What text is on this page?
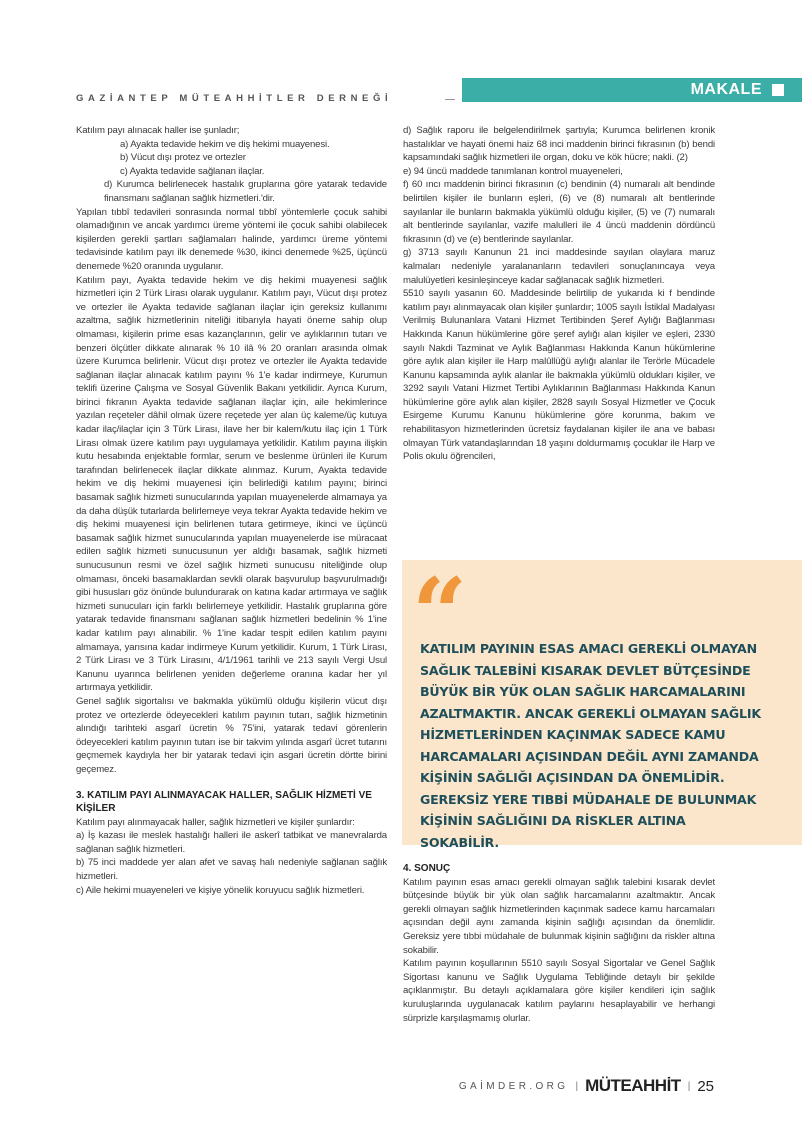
GAZİANTEP MÜTEAHHİTLER DERNEĞİ
MAKALE

Katılım payı alınacak haller ise şunladır;

a) Ayakta tedavide hekim ve diş hekimi muayenesi.

b) Vücut dışı protez ve ortezler

c) Ayakta tedavide sağlanan ilaçlar.

d) Kurumca belirlenecek hastalık gruplarına göre yatarak tedavide finansmanı sağlanan sağlık hizmetleri.'dir.

Yapılan tıbbî tedavileri sonrasında normal tıbbî yöntemlerle çocuk sahibi olamadığının ve ancak yardımcı üreme yöntemi ile çocuk sahibi olabilecek kişilerden gerekli şartları sağlamaları halinde, yardımcı üreme yöntemi tedavisinde katılım payı ilk denemede %30, ikinci denemede %25, üçüncü denemede %20 oranında uygulanır.

Katılım payı, Ayakta tedavide hekim ve diş hekimi muayenesi sağlık hizmetleri için 2 Türk Lirası olarak uygulanır. Katılım payı, Vücut dışı protez ve ortezler ile Ayakta tedavide sağlanan ilaçlar için gereksiz kullanımı azaltma, sağlık hizmetlerinin niteliği itibarıyla hayati öneme sahip olup olmaması, kişilerin prime esas kazançlarının, gelir ve aylıklarının tutarı ve benzeri ölçütler dikkate alınarak % 10 ilâ % 20 oranları arasında olmak üzere Kurumca belirlenir. Vücut dışı protez ve ortezler ile Ayakta tedavide sağlanan ilaçlar alınacak katılım payını % 1'e kadar indirmeye, Kurumun teklifi üzerine Çalışma ve Sosyal Güvenlik Bakanı yetkilidir. Ayrıca Kurum, birinci fıkranın Ayakta tedavide sağlanan ilaçlar için, aile hekimlerince yazılan reçeteler dâhil olmak üzere reçetede yer alan üç kaleme/üç kutuya kadar ilaç/ilaçlar için 3 Türk Lirası, ilave her bir kalem/kutu ilaç için 1 Türk Lirası olmak üzere katılım payı uygulamaya yetkilidir. Katılım payına ilişkin kutu hesabında enjektable formlar, serum ve beslenme ürünleri ile Kurum tarafından belirlenecek ilaçlar dikkate alınmaz. Kurum, Ayakta tedavide hekim ve diş hekimi muayenesi için belirlediği katılım payını; birinci basamak sağlık hizmeti sunucularında yapılan muayenelerde almamaya ya da daha düşük tutarlarda belirlemeye veya tekrar Ayakta tedavide hekim ve diş hekimi muayenesi için belirlenen tutara getirmeye, ikinci ve üçüncü basamak sağlık hizmet sunucularında yapılan muayenelerde ise müracaat edilen sağlık hizmeti sunucusunun yer aldığı basamak, sağlık hizmeti sunucusunun resmi ve özel sağlık hizmeti sunucusu niteliğinde olup olmaması, önceki basamaklardan sevkli olarak başvurulup başvurulmadığı gibi hususları göz önünde bulundurarak on katına kadar artırmaya ve sağlık hizmeti sunucuları için farklı belirlemeye yetkilidir. Hastalık gruplarına göre yatarak tedavide finansmanı sağlanan sağlık hizmetleri bedelinin % 1'ine kadar katılım payı alınabilir. % 1'ine kadar tespit edilen katılım payını almamaya, yarısına kadar indirmeye Kurum yetkilidir. Kurum, 1 Türk Lirası, 2 Türk Lirası ve 3 Türk Lirasını, 4/1/1961 tarihli ve 213 sayılı Vergi Usul Kanunu uyarınca belirlenen yeniden değerleme oranına kadar her yıl artırmaya yetkilidir.

Genel sağlık sigortalısı ve bakmakla yükümlü olduğu kişilerin vücut dışı protez ve ortezlerde ödeyecekleri katılım payının tutarı, sağlık hizmetinin alındığı tarihteki asgarî ücretin % 75'ini, yatarak tedavi görenlerin ödeyecekleri katılım payının tutarı ise bir takvim yılında asgarî ücret tutarını geçmemek kaydıyla her bir yatarak tedavi için asgari ücretin dörtte birini geçemez.

3. KATILIM PAYI ALINMAYACAK HALLER, SAĞLIK HİZMETİ VE KİŞİLER

Katılım payı alınmayacak haller, sağlık hizmetleri ve kişiler şunlardır:

a) İş kazası ile meslek hastalığı halleri ile askerî tatbikat ve manevralarda sağlanan sağlık hizmetleri.

b) 75 inci maddede yer alan afet ve savaş halı nedeniyle sağlanan sağlık hizmetleri.

c) Aile hekimi muayeneleri ve kişiye yönelik koruyucu sağlık hizmetleri.

d) Sağlık raporu ile belgelendirilmek şartıyla; Kurumca belirlenen kronik hastalıklar ve hayati önemi haiz 68 inci maddenin birinci fıkrasının (b) bendi kapsamındaki sağlık hizmetleri ile organ, doku ve kök hücre; nakli. (2)

e) 94 üncü maddede tanımlanan kontrol muayeneleri,

f) 60 ıncı maddenin birinci fıkrasının (c) bendinin (4) numaralı alt bendinde belirtilen kişiler ile bunların eşleri, (6) ve (8) numaralı alt bentlerinde sayılanlar ile bunların bakmakla yükümlü olduğu kişiler, (5) ve (7) numaralı alt bentlerinde sayılanlar, vazife malulleri ile 4 üncü maddenin dördüncü fıkrasının (d) ve (e) bentlerinde sayılanlar.

g) 3713 sayılı Kanunun 21 inci maddesinde sayılan olaylara maruz kalmaları nedeniyle yaralananların tedavileri sonuçlanıncaya veya malulüyetleri kesinleşinceye kadar sağlanacak sağlık hizmetleri.

5510 sayılı yasanın 60. Maddesinde belirtilip de yukarıda ki f bendinde katılım payı alınmayacak olan kişiler şunlardır; 1005 sayılı İstiklal Madalyası Verilmiş Bulunanlara Vatani Hizmet Tertibinden Şeref Aylığı Bağlanması Hakkında Kanun hükümlerine göre şeref aylığı alan kişiler ve eşleri, 2330 sayılı Nakdi Tazminat ve Aylık Bağlanması Hakkında Kanun hükümlerine göre aylık alan kişiler ile Harp malûllüğü aylığı alanlar ile Terörle Mücadele Kanunu kapsamında aylık alanlar ile bakmakla yükümlü oldukları kişiler, ve 3292 sayılı Vatani Hizmet Tertibi Aylıklarının Bağlanması Hakkında Kanun hükümlerine göre aylık alan kişiler, 2828 sayılı Sosyal Hizmetler ve Çocuk Esirgeme Kurumu Kanunu hükümlerine göre korunma, bakım ve rehabilitasyon hizmetlerinden ücretsiz faydalanan kişiler ile ana ve babası olmayan Türk vatandaşlarından 18 yaşını doldurmamış çocuklar ile Harp ve Polis okulu öğrencileri,

“
KATILIM PAYININ ESAS AMACI GEREKLİ OLMAYAN SAĞLIK TALEBİNİ KISARAK DEVLET BÜTÇESİNDE BÜYÜK BİR YÜK OLAN SAĞLIK HARCAMALARINI AZALTMAKTIR. ANCAK GEREKLİ OLMAYAN SAĞLIK HİZMETLERİNDEN KAÇINMAK SADECE KAMU HARCAMALARI AÇISINDAN DEĞİL AYNI ZAMANDA KİŞİNİN SAĞLIĞI AÇISINDAN DA ÖNEMLİDİR. GEREKSİZ YERE TIBBİ MÜDAHALE DE BULUNMAK KİŞİNİN SAĞLIĞINI DA RİSKLER ALTINA SOKABİLİR.

4. SONUÇ

Katılım payının esas amacı gerekli olmayan sağlık talebini kısarak devlet bütçesinde büyük bir yük olan sağlık harcamalarını azaltmaktır. Ancak gerekli olmayan sağlık hizmetlerinden kaçınmak sadece kamu harcamaları açısından değil aynı zamanda kişinin sağlığı açısından da önemlidir. Gereksiz yere tıbbi müdahale de bulunmak kişinin sağlığını da riskler altına sokabilir.

Katılım payının koşullarının 5510 sayılı Sosyal Sigortalar ve Genel Sağlık Sigortası kanunu ve Sağlık Uygulama Tebliğinde detaylı bir şekilde açıklanmıştır. Bu detaylı açıklamalara göre kişiler kendileri için sağlık kuruluşlarında uygulanacak katılım paylarını hesaplayabilir ve herhangi sürprizle karşılaşmamış olurlar.

GAİMDER.ORG | MÜTEAHHİT | 25
